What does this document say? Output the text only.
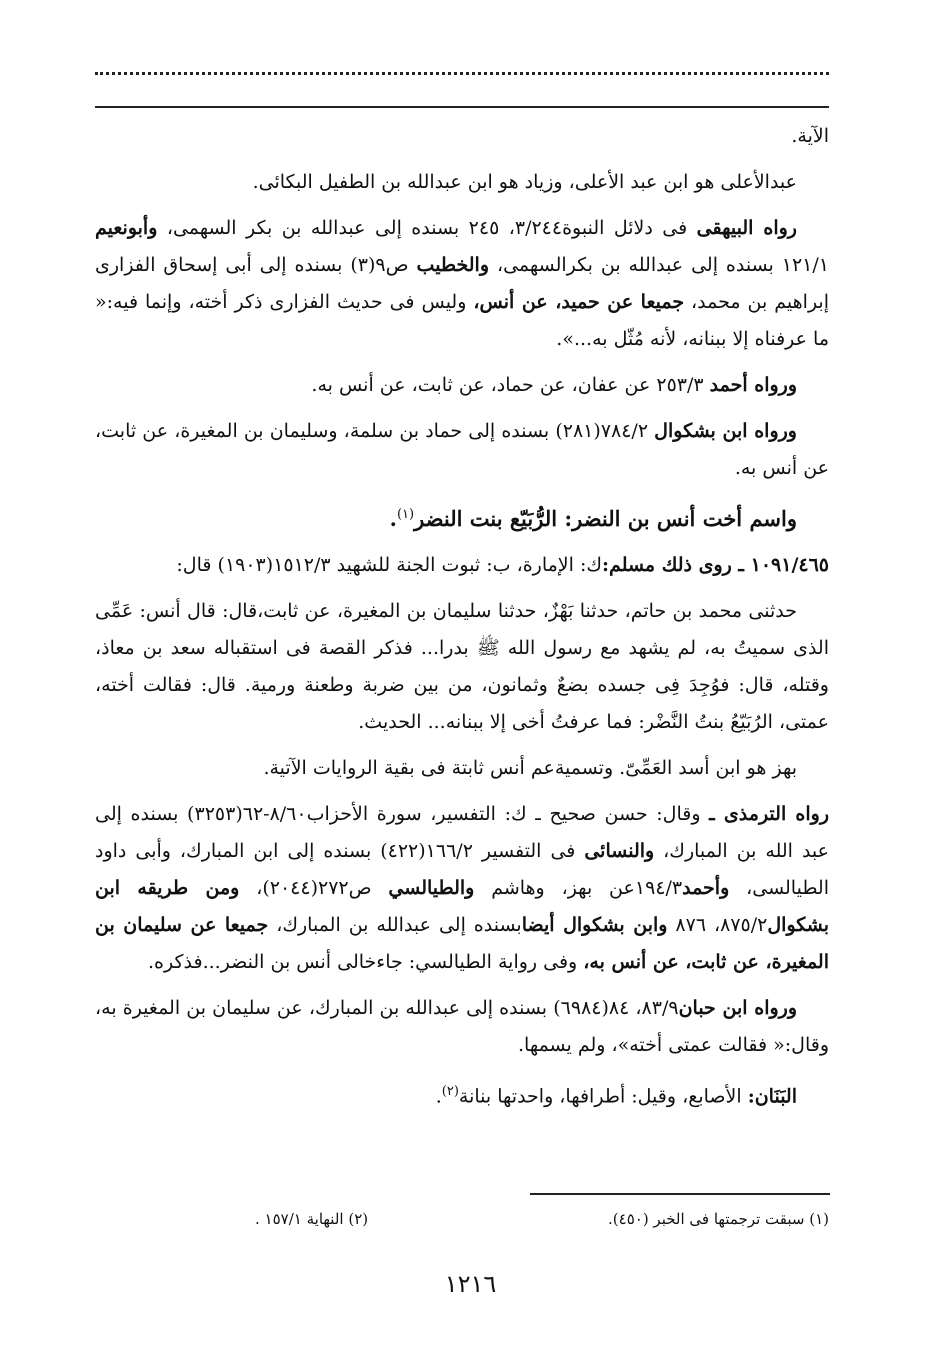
الآية.

عبدالأعلى هو ابن عبد الأعلى، وزياد هو ابن عبدالله بن الطفيل البكائى.

رواه البيهقى فى دلائل النبوة٣/٢٤٤، ٢٤٥ بسنده إلى عبدالله بن بكر السهمى، وأبونعيم ١٢١/١ بسنده إلى عبدالله بن بكرالسهمى، والخطيب ص٩(٣) بسنده إلى أبى إسحاق الفزارى إبراهيم بن محمد، جميعا عن حميد، عن أنس، وليس فى حديث الفزارى ذكر أخته، وإنما فيه:« ما عرفناه إلا ببنانه، لأنه مُثّل به...».

ورواه أحمد ٢٥٣/٣ عن عفان، عن حماد، عن ثابت، عن أنس به.

ورواه ابن بشكوال ٧٨٤/٢(٢٨١) بسنده إلى حماد بن سلمة، وسليمان بن المغيرة، عن ثابت، عن أنس به.

واسم أخت أنس بن النضر: الرُّبَيّع بنت النضر$^{(١)}$.

١٠٩١/٤٦٥ ـ روى ذلك مسلم:ك: الإمارة، ب: ثبوت الجنة للشهيد ١٥١٢/٣(١٩٠٣) قال:

حدثنى محمد بن حاتم، حدثنا بَهْزٌ، حدثنا سليمان بن المغيرة، عن ثابت،قال: قال أنس: عَمِّى الذى سميتُ به، لم يشهد مع رسول الله ﷺ بدرا... فذكر القصة فى استقباله سعد بن معاذ، وقتله، قال: فوُجِدَ فِى جسده بضعٌ وثمانون، من بين ضربة وطعنة ورمية. قال: فقالت أخته، عمتى، الرُبَيّعُ بنتُ النَّضْر: فما عرفتُ أخى إلا ببنانه... الحديث.

بهز هو ابن أسد العَمِّىّ. وتسميةعم أنس ثابتة فى بقية الروايات الآتية.

رواه الترمذى ـ وقال: حسن صحيح ـ ك: التفسير، سورة الأحزاب٨/٦٠-٦٢(٣٢٥٣) بسنده إلى عبد الله بن المبارك، والنسائى فى التفسير ١٦٦/٢(٤٢٢) بسنده إلى ابن المبارك، وأبى داود الطيالسى، وأحمد١٩٤/٣عن بهز، وهاشم والطيالسي ص٢٧٢(٢٠٤٤)، ومن طريقه ابن بشكوال٨٧٥/٢، ٨٧٦ وابن بشكوال أيضابسنده إلى عبدالله بن المبارك، جميعا عن سليمان بن المغيرة، عن ثابت، عن أنس به، وفى رواية الطيالسي: جاءخالى أنس بن النضر...فذكره.

ورواه ابن حبان٨٣/٩، ٨٤(٦٩٨٤) بسنده إلى عبدالله بن المبارك، عن سليمان بن المغيرة به، وقال:« فقالت عمتى أخته»، ولم يسمها.

البَنَان: الأصابع، وقيل: أطرافها، واحدتها بنانة$^{(٢)}$.

(١) سبقت ترجمتها فى الخبر (٤٥٠).
(٢) النهاية ١٥٧/١ .
١٢١٦
